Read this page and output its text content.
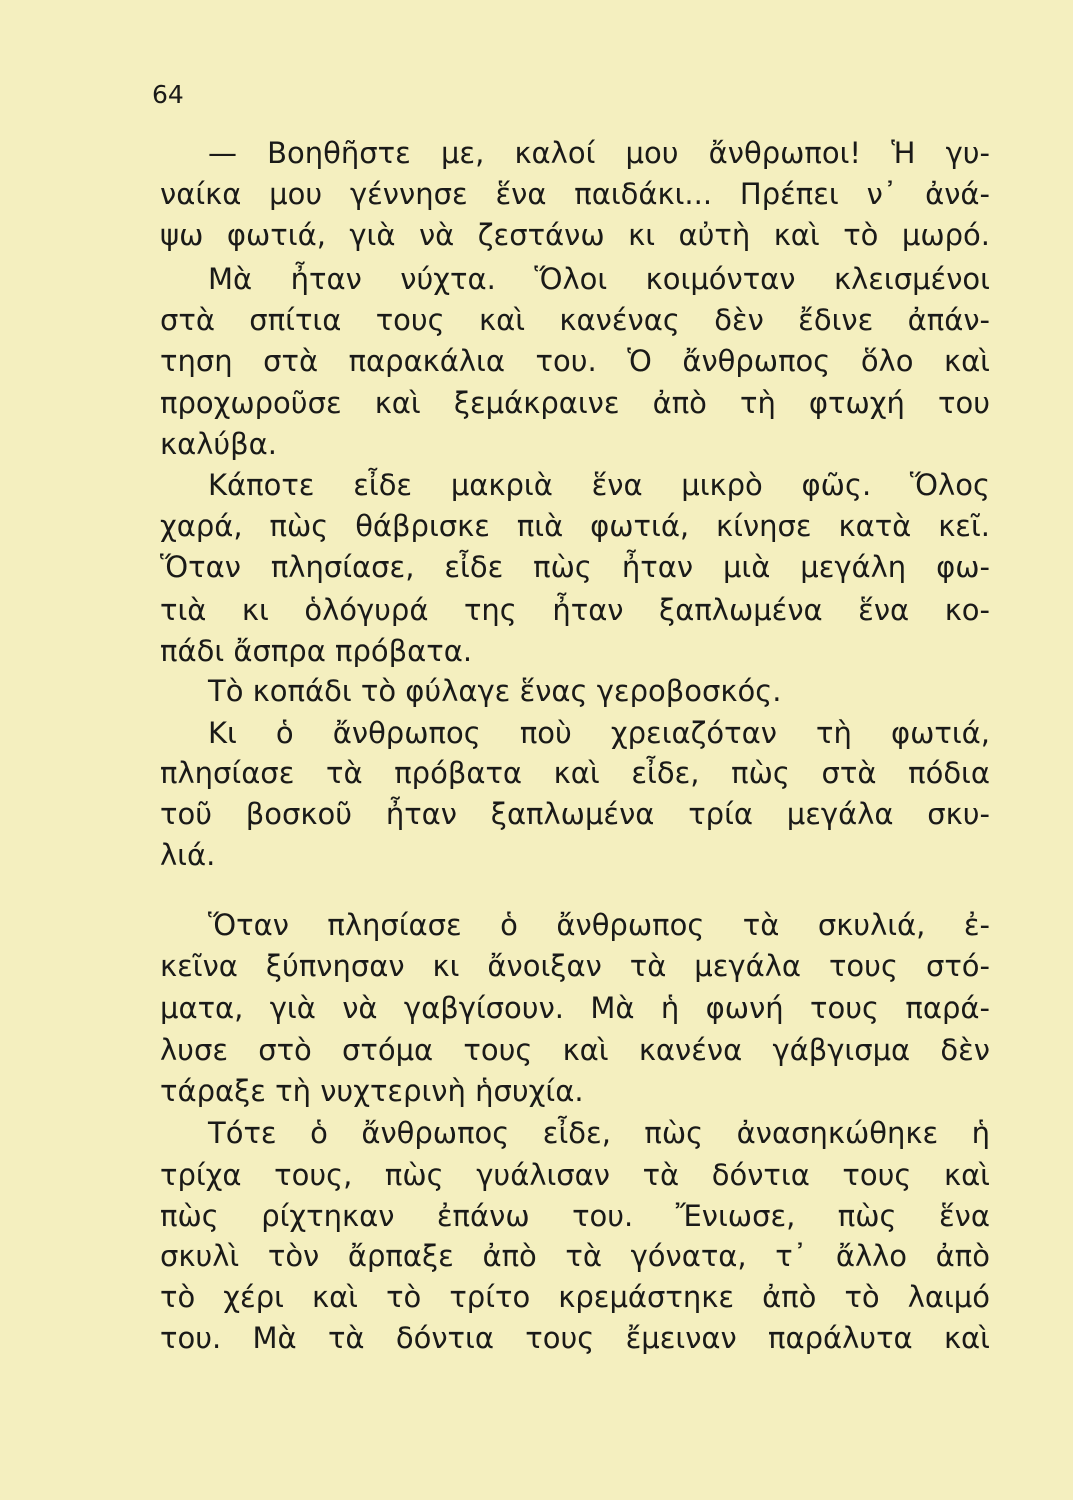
64
— Βοηθῆστε με, καλοί μου ἄνθρωποι! Ἡ γυ-
ναίκα μου γέννησε ἕνα παιδάκι... Πρέπει ν᾽ ἀνά-
ψω φωτιά, γιὰ νὰ ζεστάνω κι αὐτὴ καὶ τὸ μωρό.
Μὰ ἦταν νύχτα. Ὅλοι κοιμόνταν κλεισμένοι
στὰ σπίτια τους καὶ κανένας δὲν ἔδινε ἀπάν-
τηση στὰ παρακάλια του. Ὁ ἄνθρωπος ὅλο καὶ
προχωροῦσε καὶ ξεμάκραινε ἀπὸ τὴ φτωχή του
καλύβα.
Κάποτε εἶδε μακριὰ ἕνα μικρὸ φῶς. Ὅλος
χαρά, πὼς θάβρισκε πιὰ φωτιά, κίνησε κατὰ κεῖ.
Ὅταν πλησίασε, εἶδε πὼς ἦταν μιὰ μεγάλη φω-
τιὰ κι ὁλόγυρά της ἦταν ξαπλωμένα ἕνα κο-
πάδι ἄσπρα πρόβατα.
Τὸ κοπάδι τὸ φύλαγε ἕνας γεροβοσκός.
Κι ὁ ἄνθρωπος ποὺ χρειαζόταν τὴ φωτιά,
πλησίασε τὰ πρόβατα καὶ εἶδε, πὼς στὰ πόδια
τοῦ βοσκοῦ ἦταν ξαπλωμένα τρία μεγάλα σκυ-
λιά.
Ὅταν πλησίασε ὁ ἄνθρωπος τὰ σκυλιά, ἐ-
κεῖνα ξύπνησαν κι ἄνοιξαν τὰ μεγάλα τους στό-
ματα, γιὰ νὰ γαβγίσουν. Μὰ ἡ φωνή τους παρά-
λυσε στὸ στόμα τους καὶ κανένα γάβγισμα δὲν
τάραξε τὴ νυχτερινὴ ἡσυχία.
Τότε ὁ ἄνθρωπος εἶδε, πὼς ἀνασηκώθηκε ἡ
τρίχα τους, πὼς γυάλισαν τὰ δόντια τους καὶ
πὼς ρίχτηκαν ἐπάνω του. Ἔνιωσε, πὼς ἕνα
σκυλὶ τὸν ἄρπαξε ἀπὸ τὰ γόνατα, τ᾽ ἄλλο ἀπὸ
τὸ χέρι καὶ τὸ τρίτο κρεμάστηκε ἀπὸ τὸ λαιμό
του. Μὰ τὰ δόντια τους ἔμειναν παράλυτα καὶ
